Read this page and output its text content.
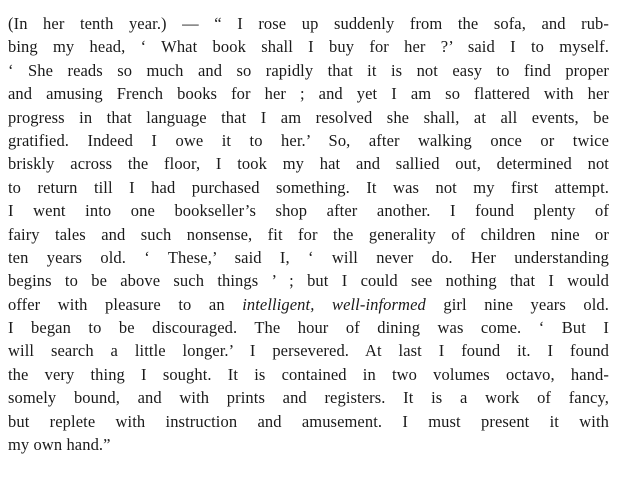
(In her tenth year.) — “ I rose up suddenly from the sofa, and rub-
bing my head, ‘ What book shall I buy for her ?’ said I to myself.
‘ She reads so much and so rapidly that it is not easy to find proper
and amusing French books for her ; and yet I am so flattered with her
progress in that language that I am resolved she shall, at all events, be
gratified. Indeed I owe it to her.’ So, after walking once or twice
briskly across the floor, I took my hat and sallied out, determined not
to return till I had purchased something. It was not my first attempt.
I went into one bookseller’s shop after another. I found plenty of
fairy tales and such nonsense, fit for the generality of children nine or
ten years old. ‘ These,’ said I, ‘ will never do. Her understanding
begins to be above such things ’ ; but I could see nothing that I would
offer with pleasure to an intelligent, well-informed girl nine years old.
I began to be discouraged. The hour of dining was come. ‘ But I
will search a little longer.’ I persevered. At last I found it. I found
the very thing I sought. It is contained in two volumes octavo, hand-
somely bound, and with prints and registers. It is a work of fancy,
but replete with instruction and amusement. I must present it with
my own hand.”
